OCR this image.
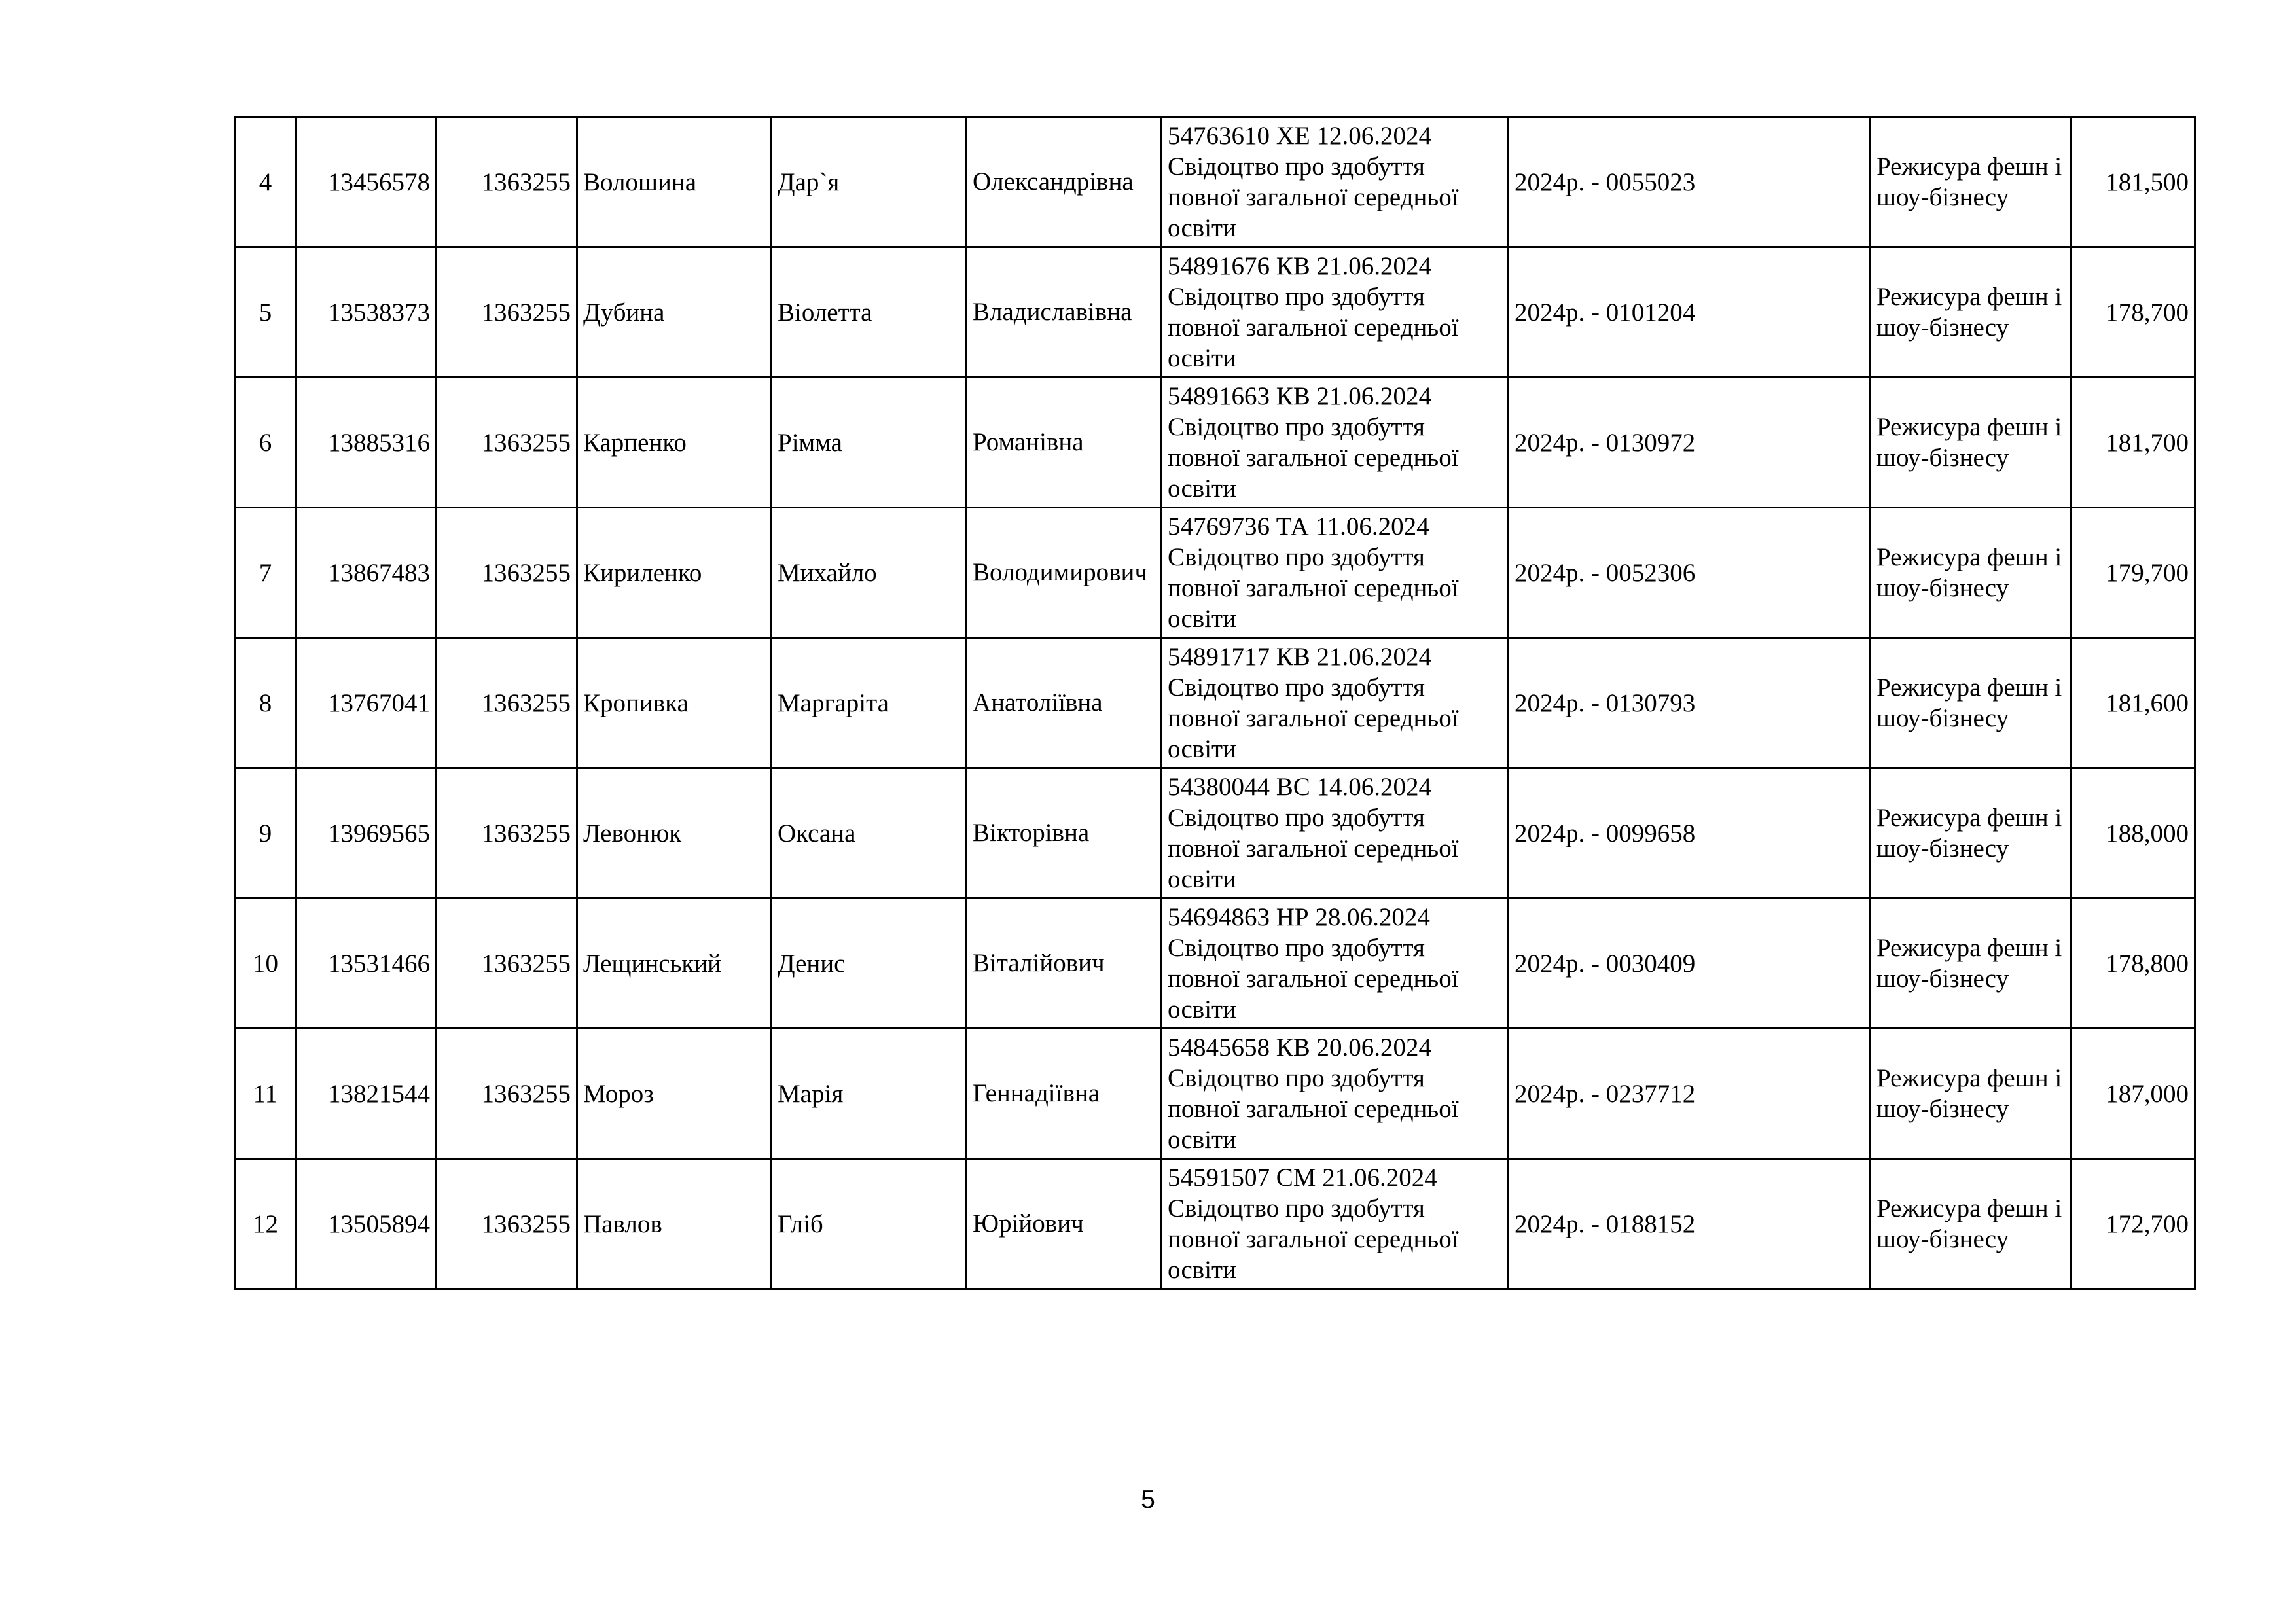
4	13456578	1363255	Волошина	Дар`я	Олександрівна	54763610 ХЕ 12.06.2024 Свідоцтво про здобуття повної загальної середньої освіти	2024р. - 0055023	Режисура фешн і шоу-бізнесу	181,500
5	13538373	1363255	Дубина	Віолетта	Владиславівна	54891676 КВ 21.06.2024 Свідоцтво про здобуття повної загальної середньої освіти	2024р. - 0101204	Режисура фешн і шоу-бізнесу	178,700
6	13885316	1363255	Карпенко	Рімма	Романівна	54891663 КВ 21.06.2024 Свідоцтво про здобуття повної загальної середньої освіти	2024р. - 0130972	Режисура фешн і шоу-бізнесу	181,700
7	13867483	1363255	Кириленко	Михайло	Володимирович	54769736 ТА 11.06.2024 Свідоцтво про здобуття повної загальної середньої освіти	2024р. - 0052306	Режисура фешн і шоу-бізнесу	179,700
8	13767041	1363255	Кропивка	Маргаріта	Анатоліївна	54891717 КВ 21.06.2024 Свідоцтво про здобуття повної загальної середньої освіти	2024р. - 0130793	Режисура фешн і шоу-бізнесу	181,600
9	13969565	1363255	Левонюк	Оксана	Вікторівна	54380044 ВС 14.06.2024 Свідоцтво про здобуття повної загальної середньої освіти	2024р. - 0099658	Режисура фешн і шоу-бізнесу	188,000
10	13531466	1363255	Лещинський	Денис	Віталійович	54694863 НР 28.06.2024 Свідоцтво про здобуття повної загальної середньої освіти	2024р. - 0030409	Режисура фешн і шоу-бізнесу	178,800
11	13821544	1363255	Мороз	Марія	Геннадіївна	54845658 КВ 20.06.2024 Свідоцтво про здобуття повної загальної середньої освіти	2024р. - 0237712	Режисура фешн і шоу-бізнесу	187,000
12	13505894	1363255	Павлов	Гліб	Юрійович	54591507 СМ 21.06.2024 Свідоцтво про здобуття повної загальної середньої освіти	2024р. - 0188152	Режисура фешн і шоу-бізнесу	172,700
5
